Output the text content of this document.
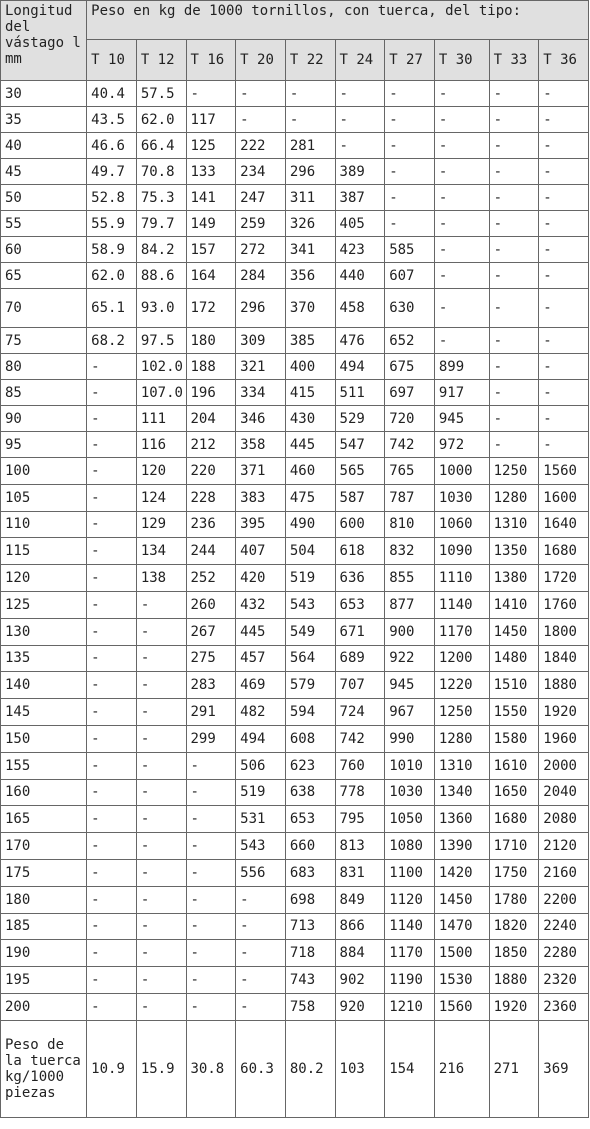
Longitud del vástago l mm	Peso en kg de 1000 tornillos, con tuerca, del tipo:									
	T 10	T 12	T 16	T 20	T 22	T 24	T 27	T 30	T 33	T 36
30	40.4	57.5	-	-	-	-	-	-	-	-
35	43.5	62.0	117	-	-	-	-	-	-	-
40	46.6	66.4	125	222	281	-	-	-	-	-
45	49.7	70.8	133	234	296	389	-	-	-	-
50	52.8	75.3	141	247	311	387	-	-	-	-
55	55.9	79.7	149	259	326	405	-	-	-	-
60	58.9	84.2	157	272	341	423	585	-	-	-
65	62.0	88.6	164	284	356	440	607	-	-	-
70	65.1	93.0	172	296	370	458	630	-	-	-
75	68.2	97.5	180	309	385	476	652	-	-	-
80	-	102.0	188	321	400	494	675	899	-	-
85	-	107.0	196	334	415	511	697	917	-	-
90	-	111	204	346	430	529	720	945	-	-
95	-	116	212	358	445	547	742	972	-	-
100	-	120	220	371	460	565	765	1000	1250	1560
105	-	124	228	383	475	587	787	1030	1280	1600
110	-	129	236	395	490	600	810	1060	1310	1640
115	-	134	244	407	504	618	832	1090	1350	1680
120	-	138	252	420	519	636	855	1110	1380	1720
125	-	-	260	432	543	653	877	1140	1410	1760
130	-	-	267	445	549	671	900	1170	1450	1800
135	-	-	275	457	564	689	922	1200	1480	1840
140	-	-	283	469	579	707	945	1220	1510	1880
145	-	-	291	482	594	724	967	1250	1550	1920
150	-	-	299	494	608	742	990	1280	1580	1960
155	-	-	-	506	623	760	1010	1310	1610	2000
160	-	-	-	519	638	778	1030	1340	1650	2040
165	-	-	-	531	653	795	1050	1360	1680	2080
170	-	-	-	543	660	813	1080	1390	1710	2120
175	-	-	-	556	683	831	1100	1420	1750	2160
180	-	-	-	-	698	849	1120	1450	1780	2200
185	-	-	-	-	713	866	1140	1470	1820	2240
190	-	-	-	-	718	884	1170	1500	1850	2280
195	-	-	-	-	743	902	1190	1530	1880	2320
200	-	-	-	-	758	920	1210	1560	1920	2360
Peso de la tuerca kg/1000 piezas	10.9	15.9	30.8	60.3	80.2	103	154	216	271	369
